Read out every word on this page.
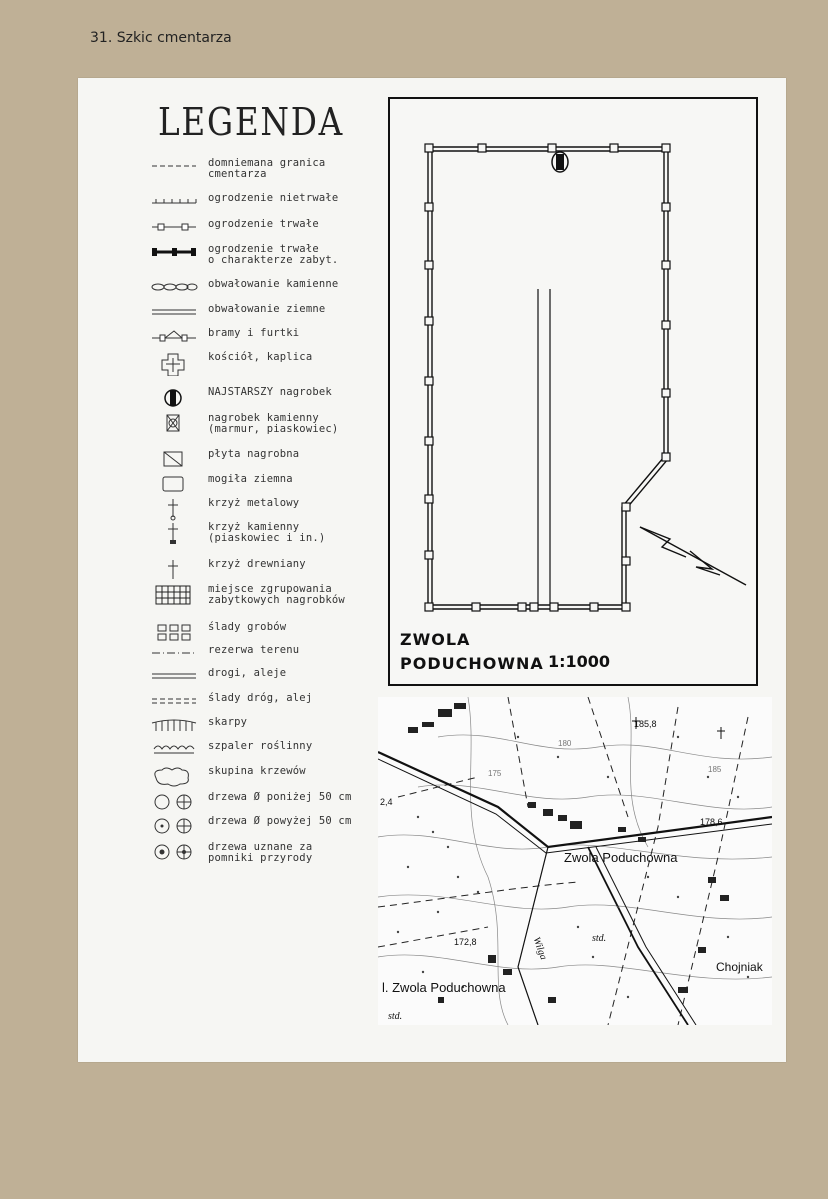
31. Szkic cmentarza
LEGENDA
domniemana granica
cmentarza
ogrodzenie nietrwałe
ogrodzenie trwałe
ogrodzenie trwałe
o charakterze zabyt.
obwałowanie kamienne
obwałowanie ziemne
bramy i furtki
kościół, kaplica
NAJSTARSZY nagrobek
nagrobek kamienny
(marmur, piaskowiec)
płyta nagrobna
mogiła ziemna
krzyż metalowy
krzyż kamienny
(piaskowiec i in.)
krzyż drewniany
miejsce zgrupowania
zabytkowych nagrobków
ślady grobów
rezerwa terenu
drogi, aleje
ślady dróg, alej
skarpy
szpaler roślinny
skupina krzewów
drzewa Ø poniżej 50 cm
drzewa Ø powyżej 50 cm
drzewa uznane za
pomniki przyrody
ZWOLA
PODUCHOWNA 1:1000
185,8
178,6
172,8
Zwola Poduchowna
Chojniak
l. Zwola Poduchowna
std.
std.
Wilga
2,4
180
185
175
